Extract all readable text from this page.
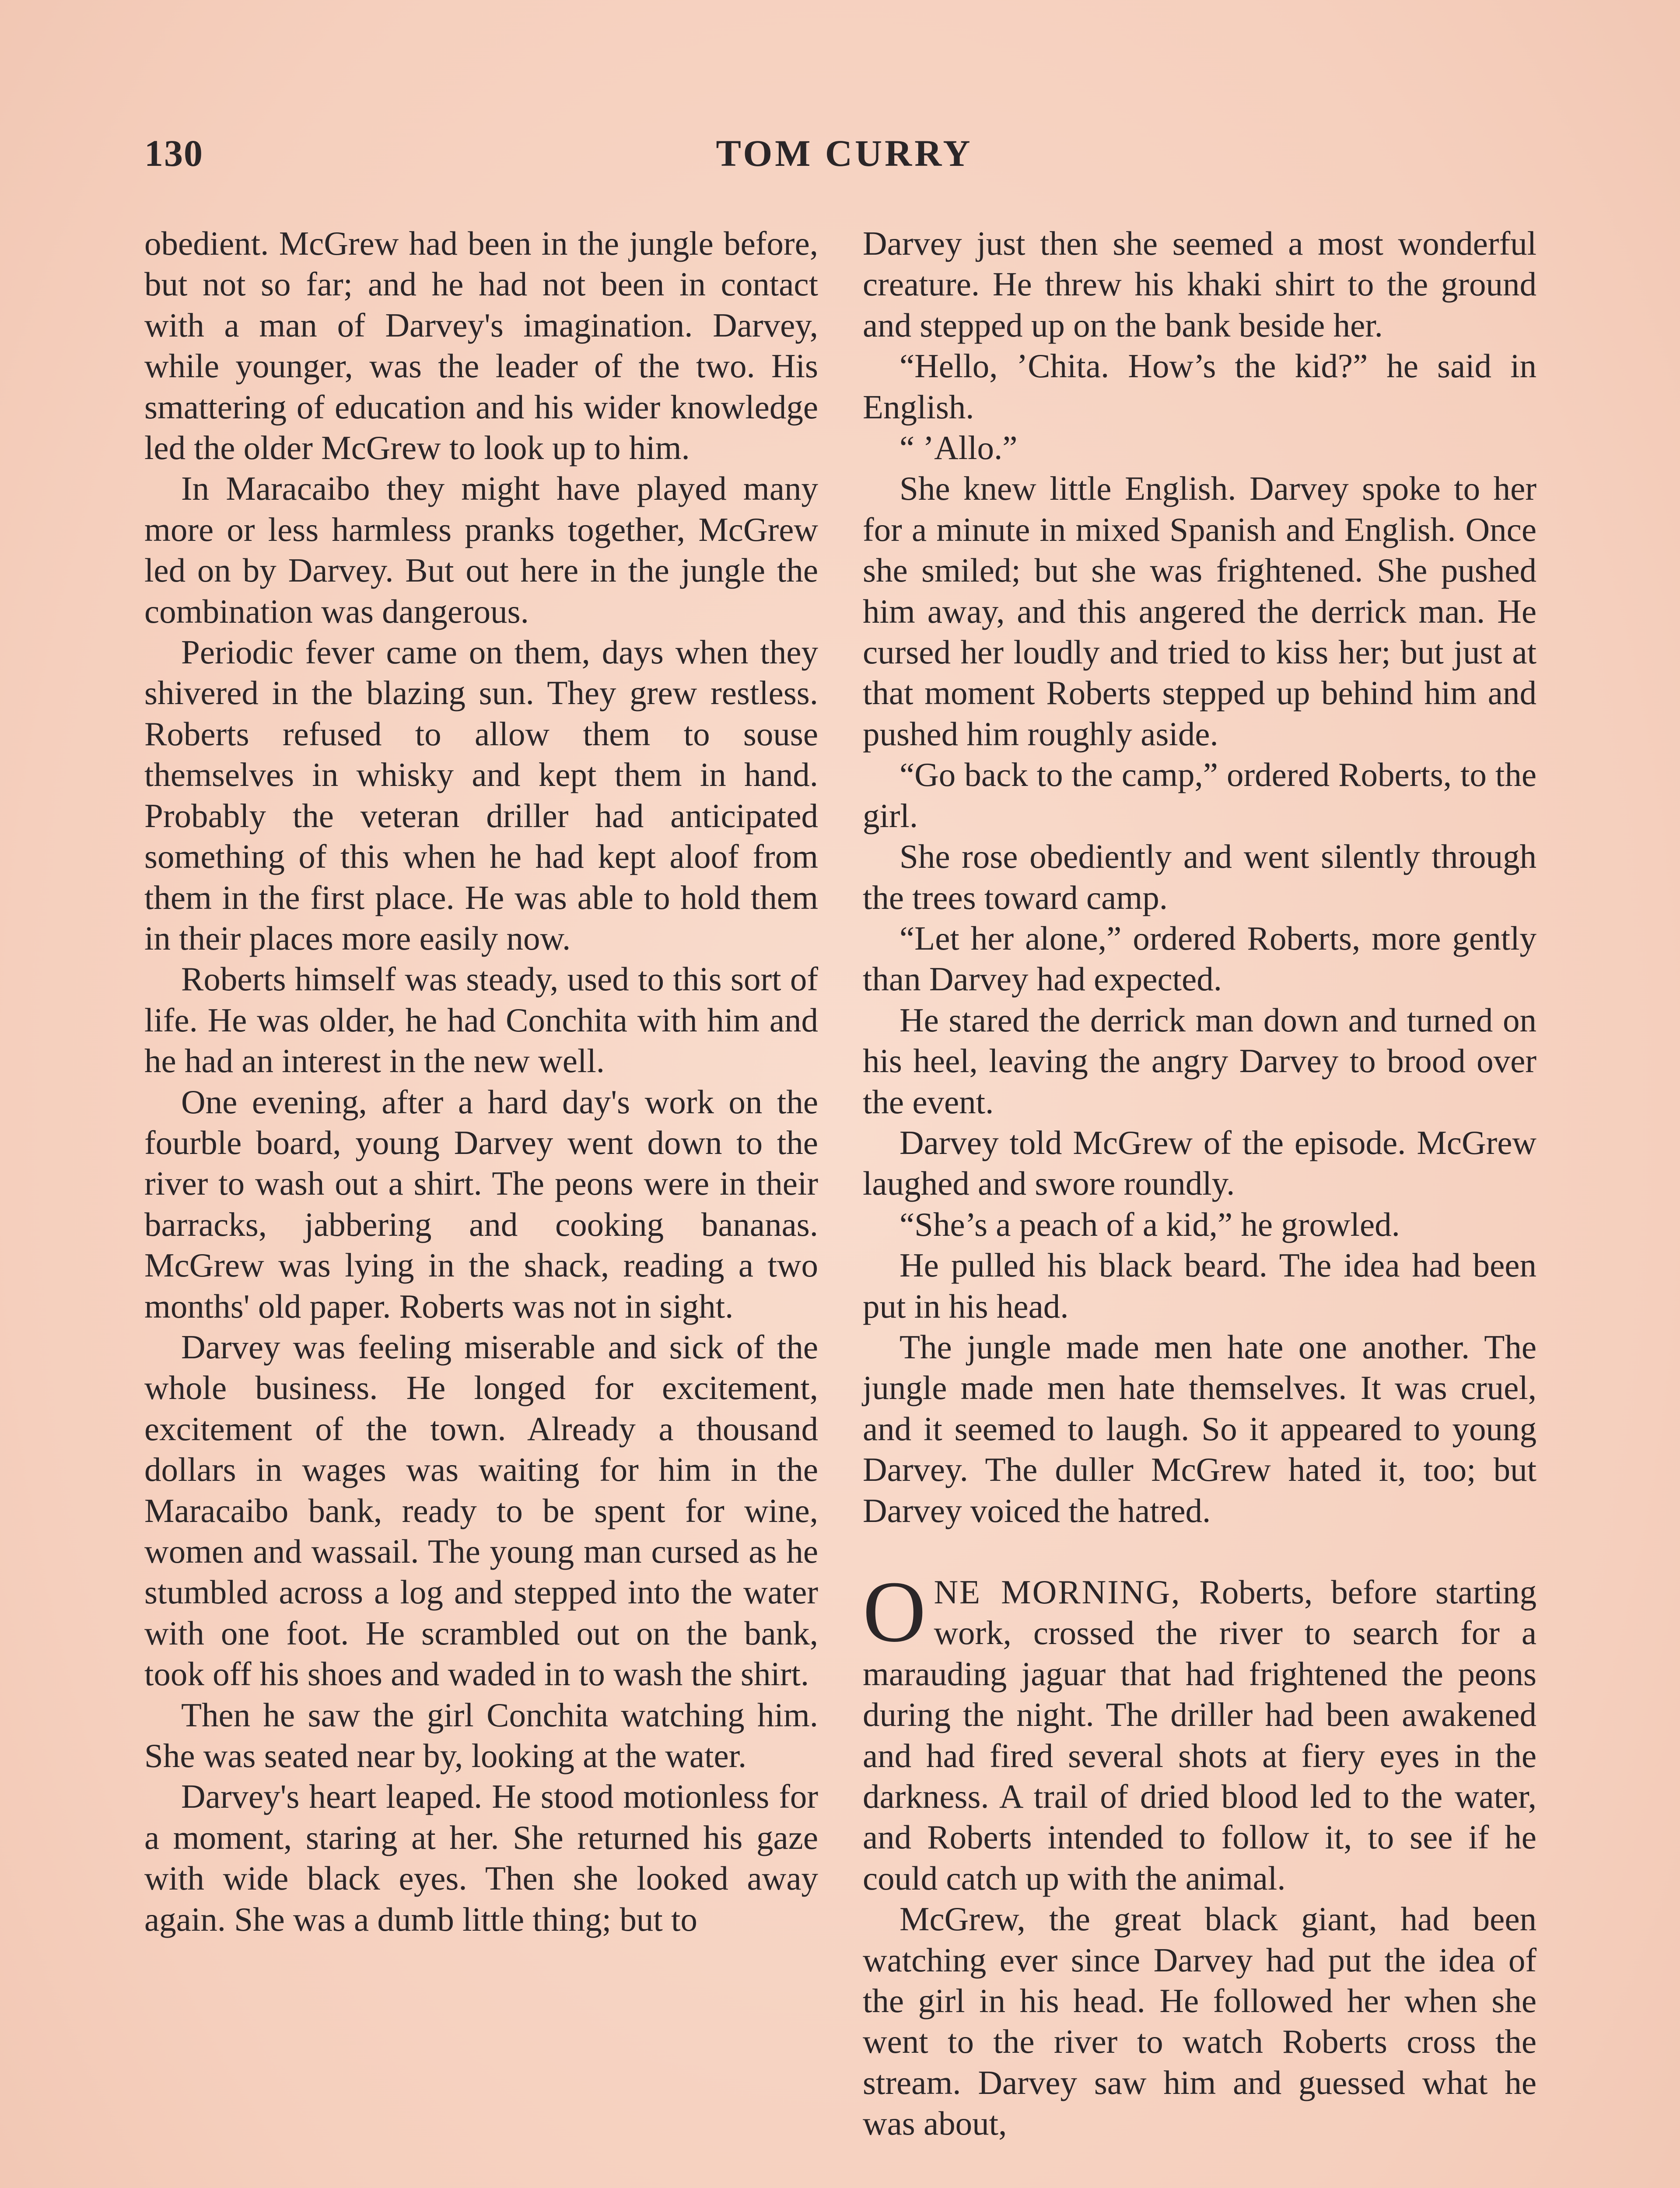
130	TOM CURRY

obedient. McGrew had been in the jungle before, but not so far; and he had not been in contact with a man of Darvey's imagination. Darvey, while younger, was the leader of the two. His smattering of education and his wider knowledge led the older McGrew to look up to him.

In Maracaibo they might have played many more or less harmless pranks together, McGrew led on by Darvey. But out here in the jungle the combination was dangerous.

Periodic fever came on them, days when they shivered in the blazing sun. They grew restless. Roberts refused to allow them to souse themselves in whisky and kept them in hand. Probably the veteran driller had anticipated something of this when he had kept aloof from them in the first place. He was able to hold them in their places more easily now.

Roberts himself was steady, used to this sort of life. He was older, he had Conchita with him and he had an interest in the new well.

One evening, after a hard day's work on the fourble board, young Darvey went down to the river to wash out a shirt. The peons were in their barracks, jabbering and cooking bananas. McGrew was lying in the shack, reading a two months' old paper. Roberts was not in sight.

Darvey was feeling miserable and sick of the whole business. He longed for excitement, excitement of the town. Already a thousand dollars in wages was waiting for him in the Maracaibo bank, ready to be spent for wine, women and wassail. The young man cursed as he stumbled across a log and stepped into the water with one foot. He scrambled out on the bank, took off his shoes and waded in to wash the shirt.

Then he saw the girl Conchita watching him. She was seated near by, looking at the water.

Darvey's heart leaped. He stood motionless for a moment, staring at her. She returned his gaze with wide black eyes. Then she looked away again. She was a dumb little thing; but to

Darvey just then she seemed a most wonderful creature. He threw his khaki shirt to the ground and stepped up on the bank beside her.

“Hello, ’Chita. How’s the kid?” he said in English.

“ ’Allo.”

She knew little English. Darvey spoke to her for a minute in mixed Spanish and English. Once she smiled; but she was frightened. She pushed him away, and this angered the derrick man. He cursed her loudly and tried to kiss her; but just at that moment Roberts stepped up behind him and pushed him roughly aside.

“Go back to the camp,” ordered Roberts, to the girl.

She rose obediently and went silently through the trees toward camp.

“Let her alone,” ordered Roberts, more gently than Darvey had expected.

He stared the derrick man down and turned on his heel, leaving the angry Darvey to brood over the event.

Darvey told McGrew of the episode. McGrew laughed and swore roundly.

“She’s a peach of a kid,” he growled.

He pulled his black beard. The idea had been put in his head.

The jungle made men hate one another. The jungle made men hate themselves. It was cruel, and it seemed to laugh. So it appeared to young Darvey. The duller McGrew hated it, too; but Darvey voiced the hatred.

ONE MORNING, Roberts, before starting work, crossed the river to search for a marauding jaguar that had frightened the peons during the night. The driller had been awakened and had fired several shots at fiery eyes in the darkness. A trail of dried blood led to the water, and Roberts intended to follow it, to see if he could catch up with the animal.

McGrew, the great black giant, had been watching ever since Darvey had put the idea of the girl in his head. He followed her when she went to the river to watch Roberts cross the stream. Darvey saw him and guessed what he was about,
